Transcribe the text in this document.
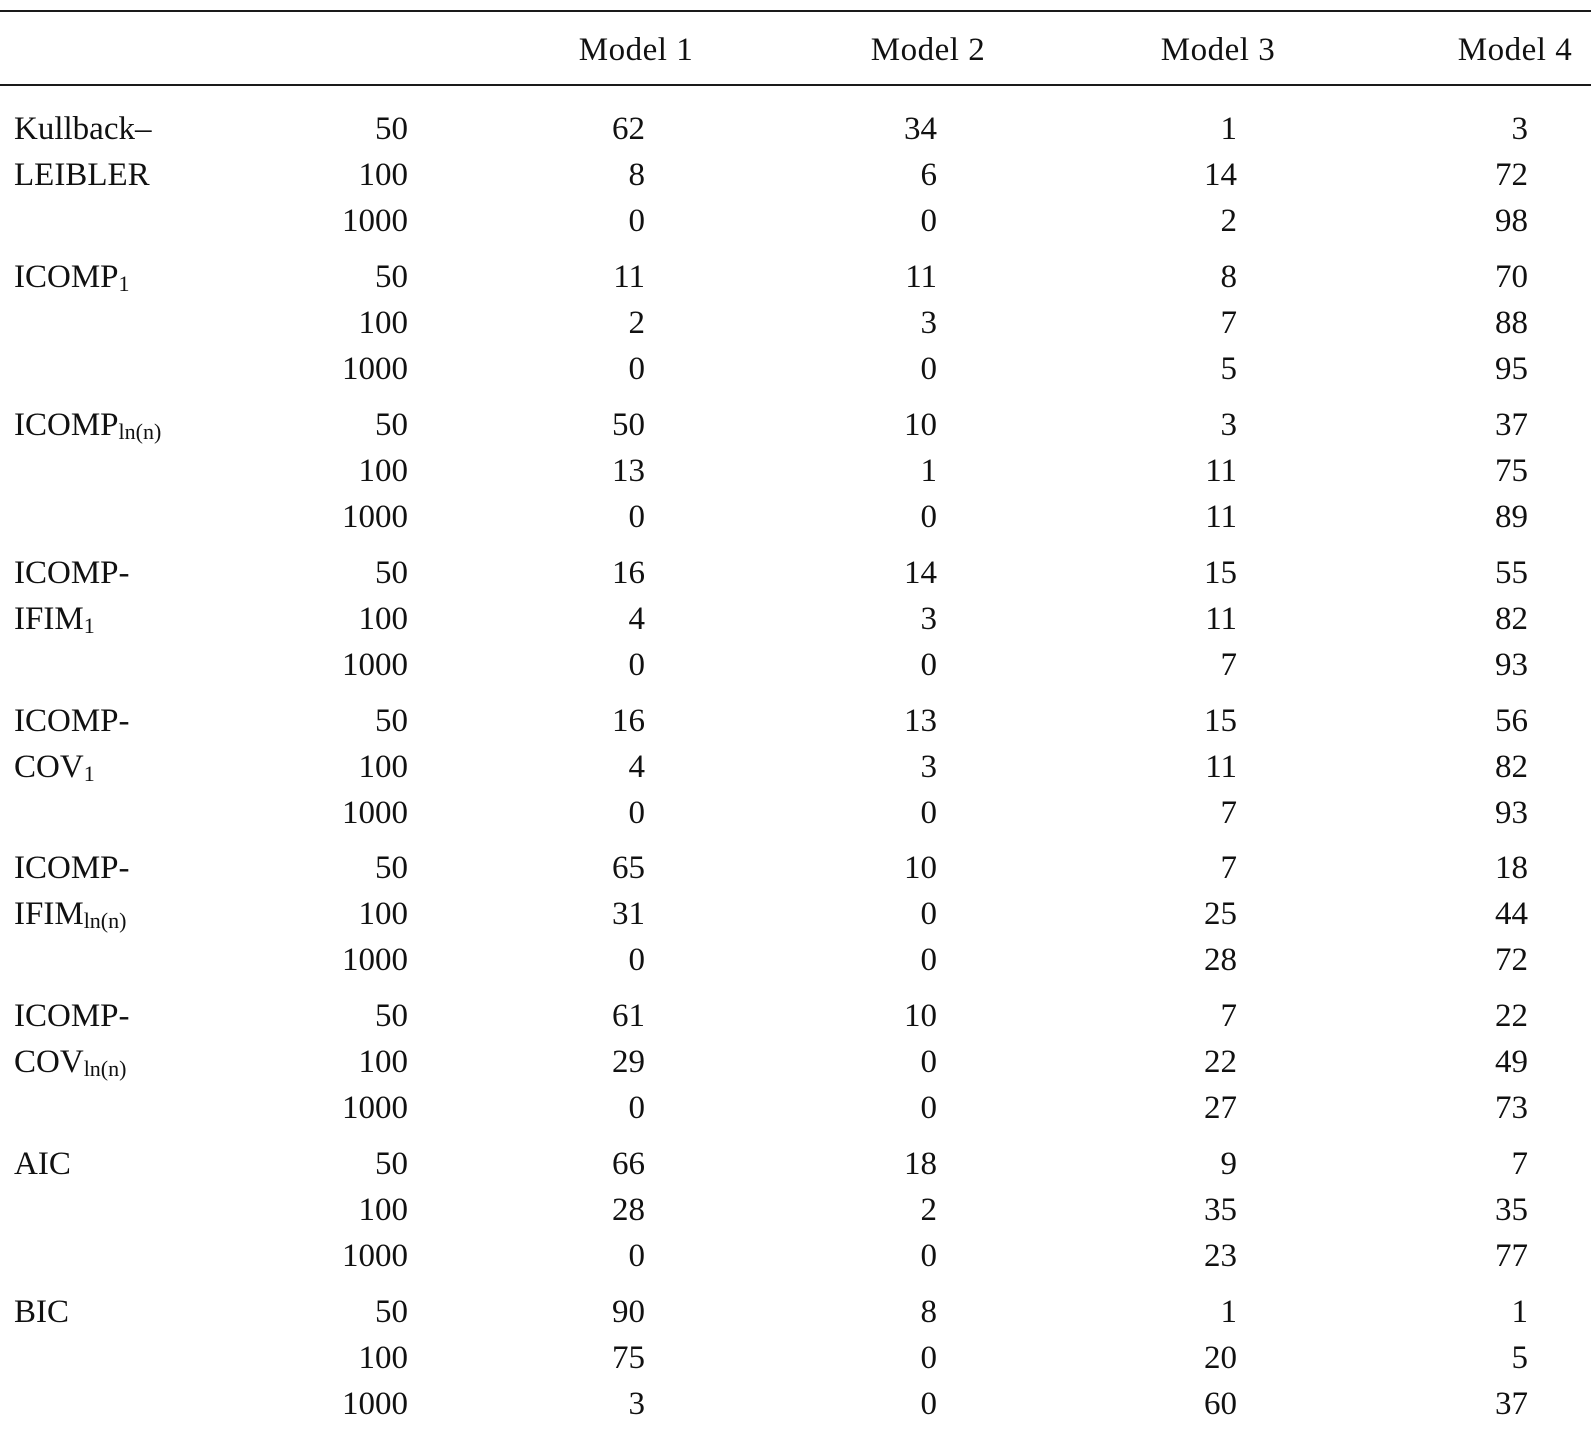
Model 1	Model 2	Model 3	Model 4
Kullback–
LEIBLER
50	62	34	1	3
100	8	6	14	72
1000	0	0	2	98
$ICOMP_1$	50	11	11	8	70
100	2	3	7	88
1000	0	0	5	95
$ICOMP_{ln(n)}$	50	50	10	3	37
100	13	1	11	75
1000	0	0	11	89
ICOMP-
$IFIM_1$
50	16	14	15	55
100	4	3	11	82
1000	0	0	7	93
ICOMP-
$COV_1$
50	16	13	15	56
100	4	3	11	82
1000	0	0	7	93
ICOMP-
$IFIM_{ln(n)}$
50	65	10	7	18
100	31	0	25	44
1000	0	0	28	72
ICOMP-
$COV_{ln(n)}$
50	61	10	7	22
100	29	0	22	49
1000	0	0	27	73
AIC	50	66	18	9	7
100	28	2	35	35
1000	0	0	23	77
BIC	50	90	8	1	1
100	75	0	20	5
1000	3	0	60	37
